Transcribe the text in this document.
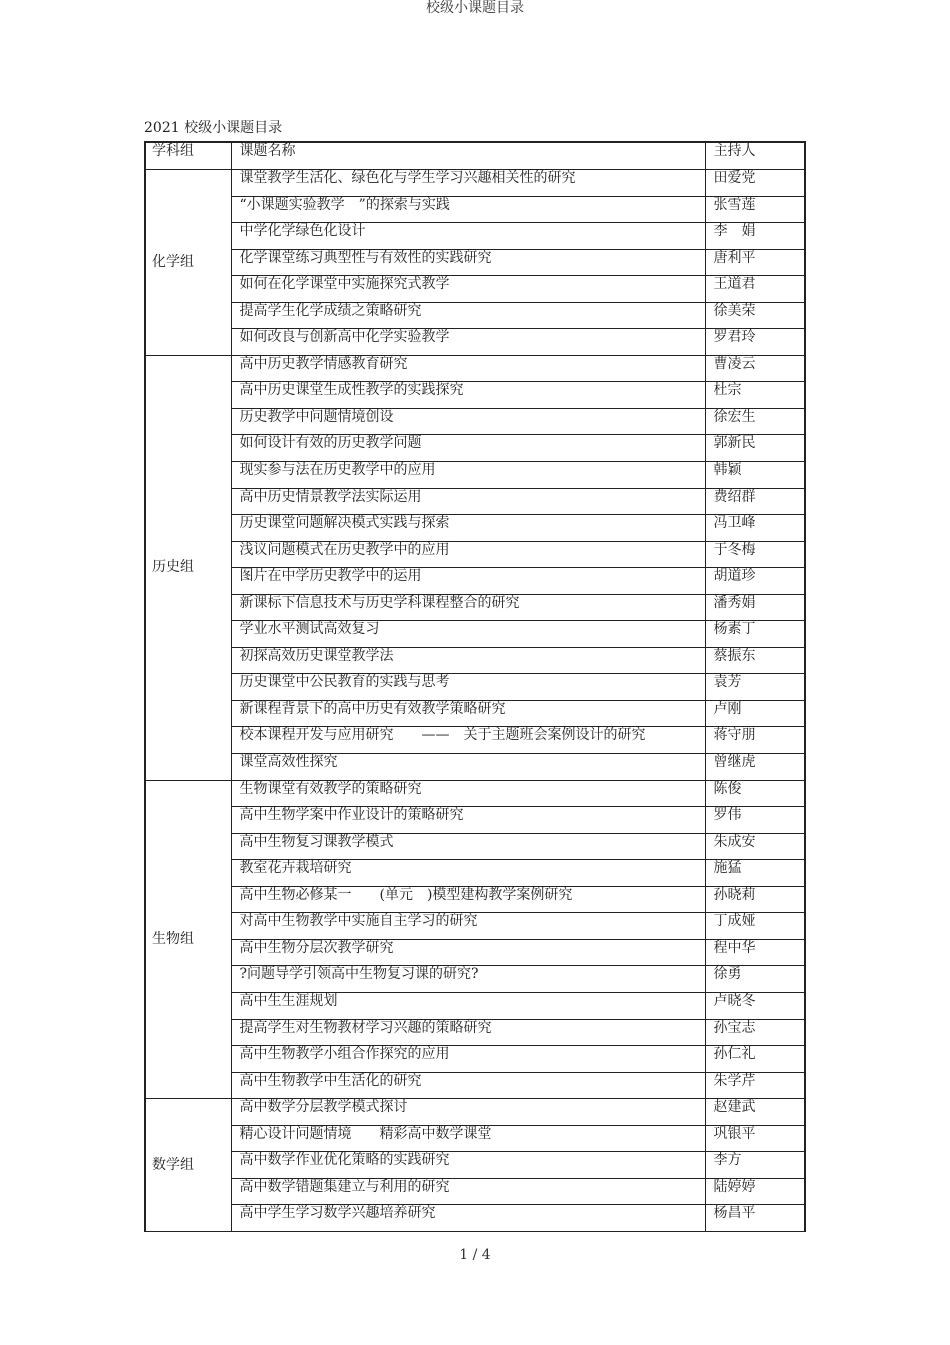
校级小课题目录
2021 校级小课题目录
学科组	课题名称	主持人
化学组	课堂教学生活化、绿色化与学生学习兴趣相关性的研究	田爱党
	“小课题实验教学　”的探索与实践	张雪莲
	中学化学绿色化设计	李　娟
	化学课堂练习典型性与有效性的实践研究	唐利平
	如何在化学课堂中实施探究式教学	王道君
	提高学生化学成绩之策略研究	徐美荣
	如何改良与创新高中化学实验教学	罗君玲
历史组	高中历史教学情感教育研究	曹凌云
	高中历史课堂生成性教学的实践探究	杜宗
	历史教学中问题情境创设	徐宏生
	如何设计有效的历史教学问题	郭新民
	现实参与法在历史教学中的应用	韩颖
	高中历史情景教学法实际运用	费绍群
	历史课堂问题解决模式实践与探索	冯卫峰
	浅议问题模式在历史教学中的应用	于冬梅
	图片在中学历史教学中的运用	胡道珍
	新课标下信息技术与历史学科课程整合的研究	潘秀娟
	学业水平测试高效复习	杨素丁
	初探高效历史课堂教学法	蔡振东
	历史课堂中公民教育的实践与思考	袁芳
	新课程背景下的高中历史有效教学策略研究	卢刚
	校本课程开发与应用研究　　——　关于主题班会案例设计的研究	蒋守朋
	课堂高效性探究	曾继虎
生物组	生物课堂有效教学的策略研究	陈俊
	高中生物学案中作业设计的策略研究	罗伟
	高中生物复习课教学模式	朱成安
	教室花卉栽培研究	施猛
	高中生物必修某一　　(单元　)模型建构教学案例研究	孙晓莉
	对高中生物教学中实施自主学习的研究	丁成娅
	高中生物分层次教学研究	程中华
	?问题导学引领高中生物复习课的研究?	徐勇
	高中生生涯规划	卢晓冬
	提高学生对生物教材学习兴趣的策略研究	孙宝志
	高中生物教学小组合作探究的应用	孙仁礼
	高中生物教学中生活化的研究	朱学芹
数学组	高中数学分层教学模式探讨	赵建武
	精心设计问题情境　　精彩高中数学课堂	巩银平
	高中数学作业优化策略的实践研究	李方
	高中数学错题集建立与利用的研究	陆婷婷
	高中学生学习数学兴趣培养研究	杨昌平
1 / 4
